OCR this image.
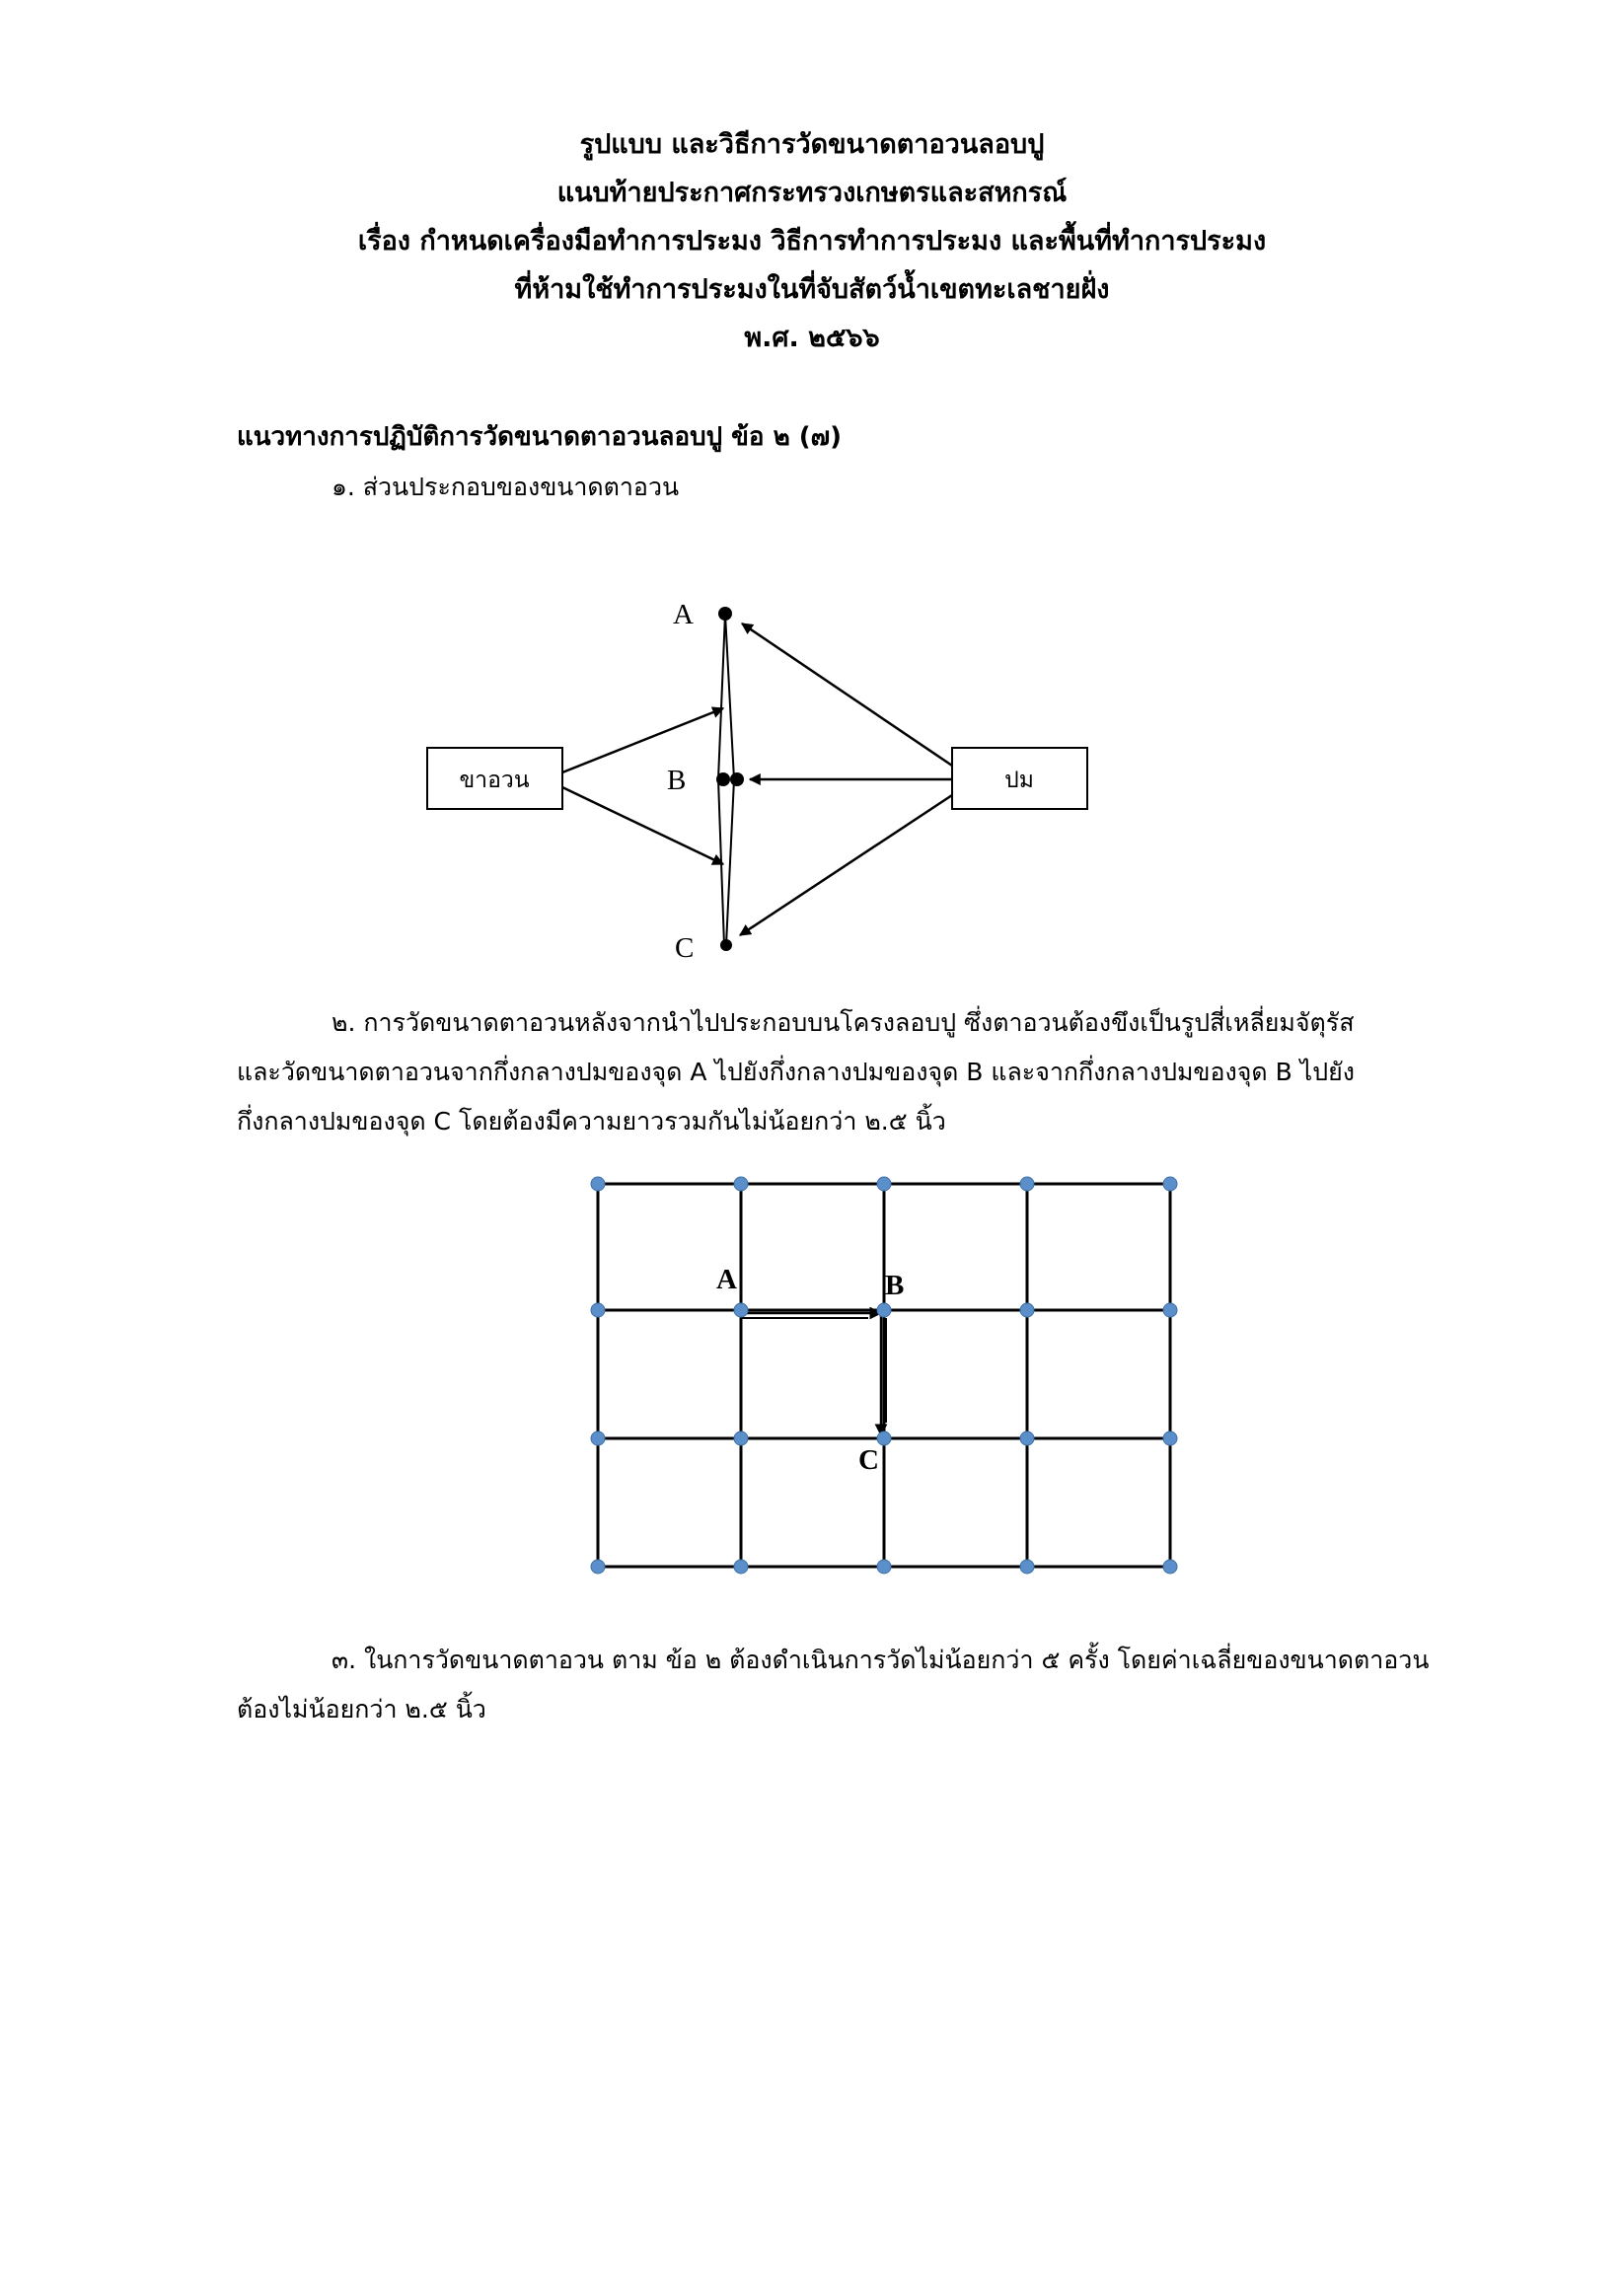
รูปแบบ และวิธีการวัดขนาดตาอวนลอบปู
แนบท้ายประกาศกระทรวงเกษตรและสหกรณ์
เรื่อง กำหนดเครื่องมือทำการประมง วิธีการทำการประมง และพื้นที่ทำการประมง
ที่ห้ามใช้ทำการประมงในที่จับสัตว์น้ำเขตทะเลชายฝั่ง
พ.ศ. ๒๕๖๖
แนวทางการปฏิบัติการวัดขนาดตาอวนลอบปู ข้อ ๒ (๗)
๑. ส่วนประกอบของขนาดตาอวน
ขาอวน	ปม
A
B
C
๒. การวัดขนาดตาอวนหลังจากนำไปประกอบบนโครงลอบปู ซึ่งตาอวนต้องขึงเป็นรูปสี่เหลี่ยมจัตุรัส
และวัดขนาดตาอวนจากกึ่งกลางปมของจุด A ไปยังกึ่งกลางปมของจุด B และจากกึ่งกลางปมของจุด B ไปยัง
กึ่งกลางปมของจุด C โดยต้องมีความยาวรวมกันไม่น้อยกว่า ๒.๕ นิ้ว
A	B
C
๓. ในการวัดขนาดตาอวน ตาม ข้อ ๒ ต้องดำเนินการวัดไม่น้อยกว่า ๕ ครั้ง โดยค่าเฉลี่ยของขนาดตาอวน
ต้องไม่น้อยกว่า ๒.๕ นิ้ว
